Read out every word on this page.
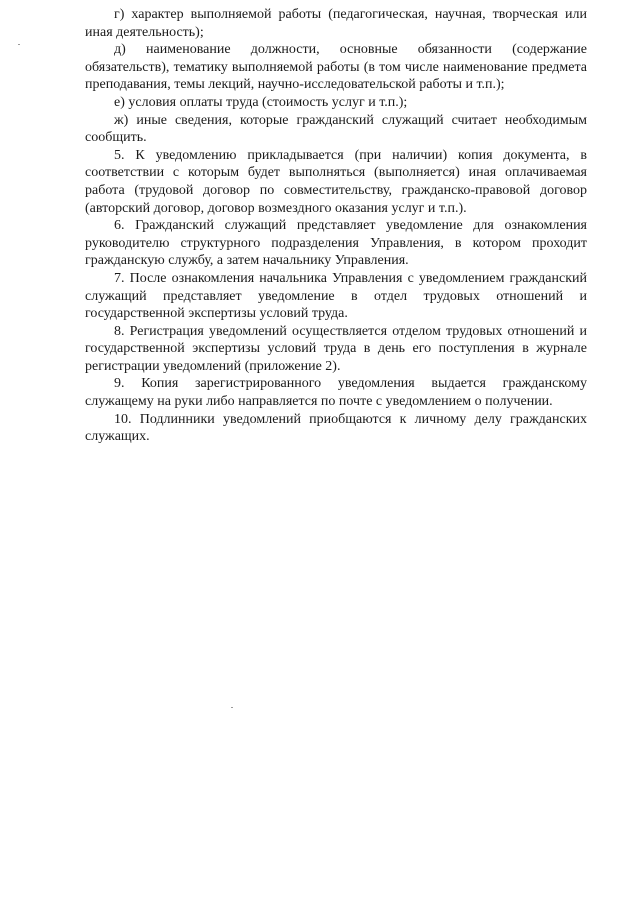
г) характер выполняемой работы (педагогическая, научная, творческая или иная деятельность);

д) наименование должности, основные обязанности (содержание обязательств), тематику выполняемой работы (в том числе наименование предмета преподавания, темы лекций, научно-исследовательской работы и т.п.);

е) условия оплаты труда (стоимость услуг и т.п.);

ж) иные сведения, которые гражданский служащий считает необходимым сообщить.

5. К уведомлению прикладывается (при наличии) копия документа, в соответствии с которым будет выполняться (выполняется) иная оплачиваемая работа (трудовой договор по совместительству, гражданско-правовой договор (авторский договор, договор возмездного оказания услуг и т.п.).

6. Гражданский служащий представляет уведомление для ознакомления руководителю структурного подразделения Управления, в котором проходит гражданскую службу, а затем начальнику Управления.

7. После ознакомления начальника Управления с уведомлением гражданский служащий представляет уведомление в отдел трудовых отношений и государственной экспертизы условий труда.

8. Регистрация уведомлений осуществляется отделом трудовых отношений и государственной экспертизы условий труда в день его поступления в журнале регистрации уведомлений (приложение 2).

9. Копия зарегистрированного уведомления выдается гражданскому служащему на руки либо направляется по почте с уведомлением о получении.

10. Подлинники уведомлений приобщаются к личному делу гражданских служащих.
